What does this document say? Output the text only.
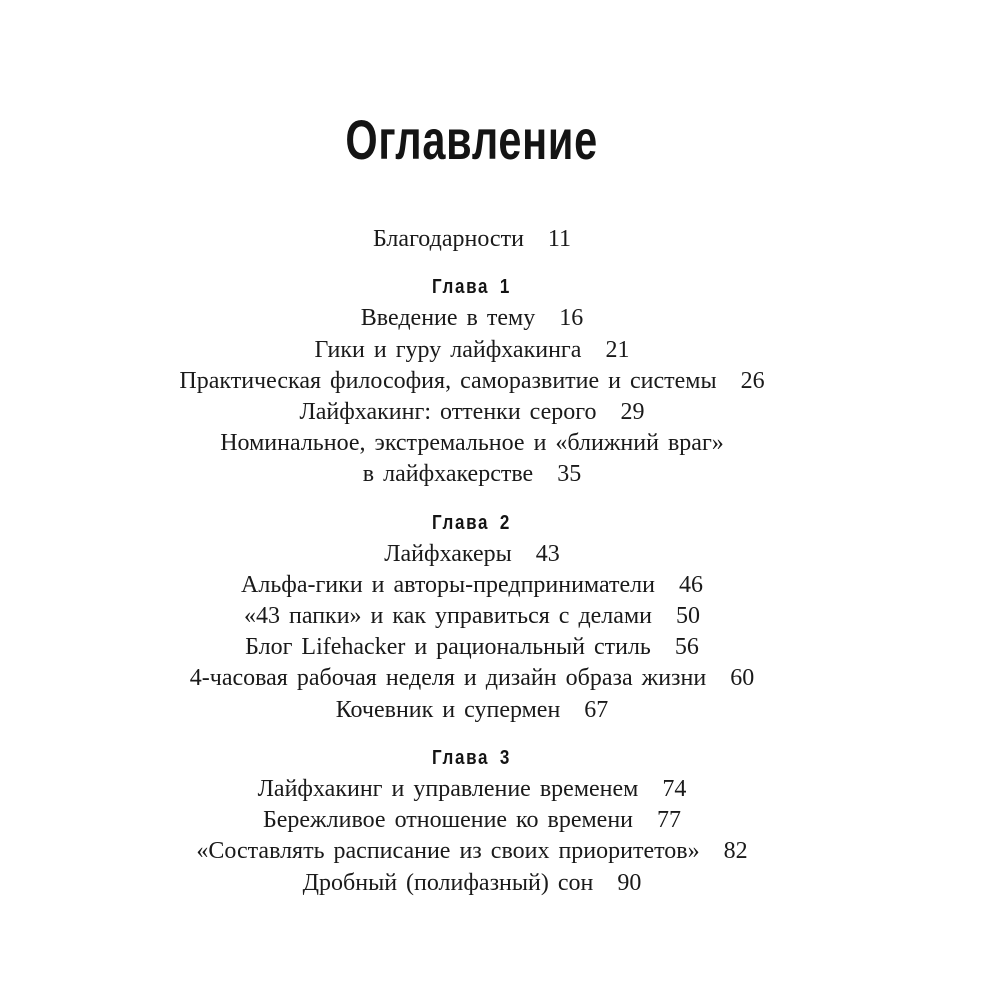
Оглавление
Благодарности 11
Глава 1
Введение в тему 16
Гики и гуру лайфхакинга 21
Практическая философия, саморазвитие и системы 26
Лайфхакинг: оттенки серого 29
Номинальное, экстремальное и «ближний враг»
в лайфхакерстве 35
Глава 2
Лайфхакеры 43
Альфа-гики и авторы-предприниматели 46
«43 папки» и как управиться с делами 50
Блог Lifehacker и рациональный стиль 56
4-часовая рабочая неделя и дизайн образа жизни 60
Кочевник и супермен 67
Глава 3
Лайфхакинг и управление временем 74
Бережливое отношение ко времени 77
«Составлять расписание из своих приоритетов» 82
Дробный (полифазный) сон 90
